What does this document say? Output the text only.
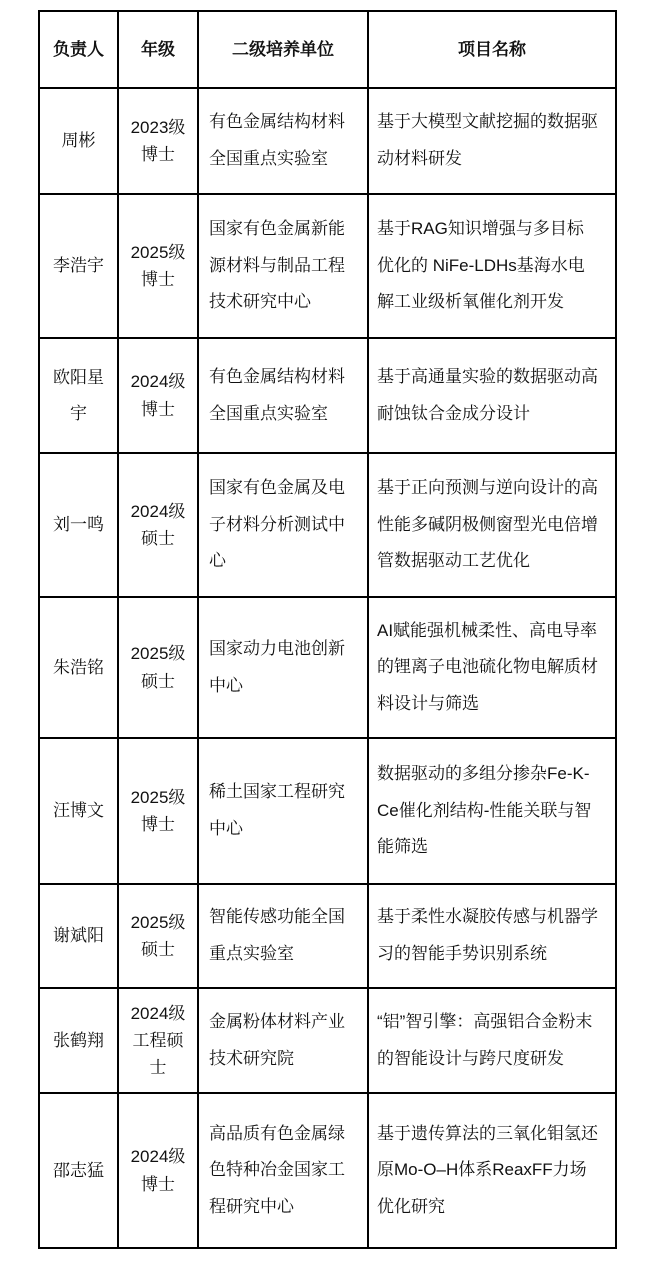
负责人	年级	二级培养单位	项目名称
周彬	2023级博士	有色金属结构材料全国重点实验室	基于大模型文献挖掘的数据驱动材料研发
李浩宇	2025级博士	国家有色金属新能源材料与制品工程技术研究中心	基于RAG知识增强与多目标优化的 NiFe-LDHs基海水电解工业级析氧催化剂开发
欧阳星宇	2024级博士	有色金属结构材料全国重点实验室	基于高通量实验的数据驱动高耐蚀钛合金成分设计
刘一鸣	2024级硕士	国家有色金属及电子材料分析测试中心	基于正向预测与逆向设计的高性能多碱阴极侧窗型光电倍增管数据驱动工艺优化
朱浩铭	2025级硕士	国家动力电池创新中心	AI赋能强机械柔性、高电导率的锂离子电池硫化物电解质材料设计与筛选
汪博文	2025级博士	稀土国家工程研究中心	数据驱动的多组分掺杂Fe-K-Ce催化剂结构-性能关联与智能筛选
谢斌阳	2025级硕士	智能传感功能全国重点实验室	基于柔性水凝胶传感与机器学习的智能手势识别系统
张鹤翔	2024级工程硕士	金属粉体材料产业技术研究院	“铝”智引擎：高强铝合金粉末的智能设计与跨尺度研发
邵志猛	2024级博士	高品质有色金属绿色特种冶金国家工程研究中心	基于遗传算法的三氧化钼氢还原Mo-O–H体系ReaxFF力场优化研究
